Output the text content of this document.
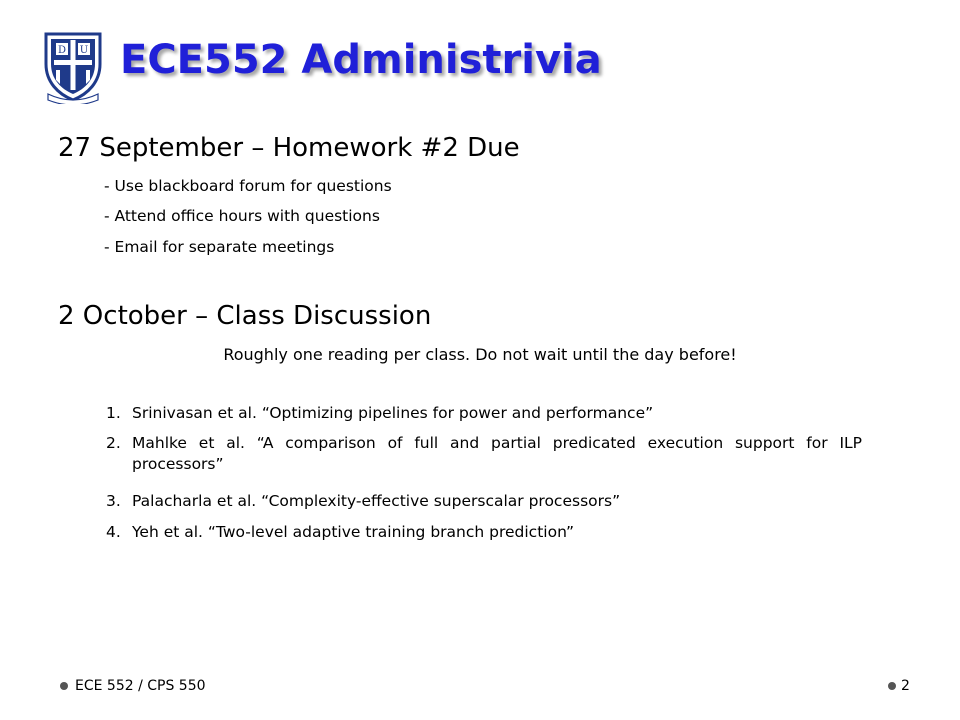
D U ECE552 Administrivia
27 September – Homework #2 Due
- Use blackboard forum for questions
- Attend office hours with questions
- Email for separate meetings
2 October – Class Discussion
Roughly one reading per class. Do not wait until the day before!
1. Srinivasan et al. “Optimizing pipelines for power and performance”
2. Mahlke et al. “A comparison of full and partial predicated execution support for ILP processors”
3. Palacharla et al. “Complexity-effective superscalar processors”
4. Yeh et al. “Two-level adaptive training branch prediction”
ECE 552 / CPS 550	2
